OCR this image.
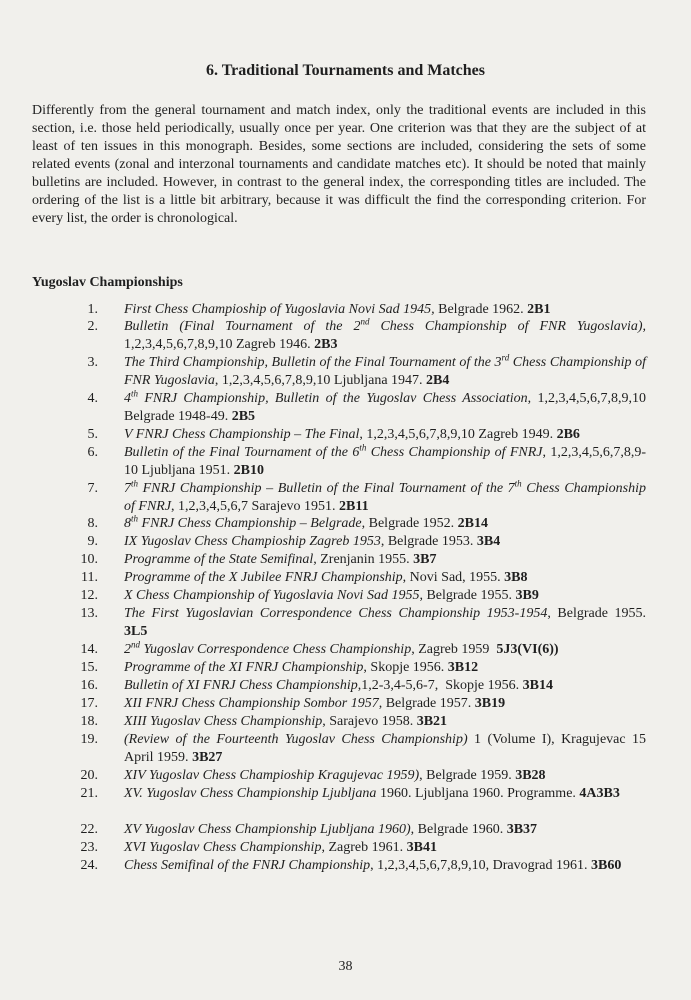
6. Traditional Tournaments and Matches

Differently from the general tournament and match index, only the traditional events are included in this section, i.e. those held periodically, usually once per year. One criterion was that they are the subject of at least of ten issues in this monograph. Besides, some sections are included, considering the sets of some related events (zonal and interzonal tournaments and candidate matches etc). It should be noted that mainly bulletins are included. However, in contrast to the general index, the corresponding titles are included. The ordering of the list is a little bit arbitrary, because it was difficult the find the corresponding criterion. For every list, the order is chronological.

Yugoslav Championships
1. First Chess Champioship of Yugoslavia Novi Sad 1945, Belgrade 1962. 2B1
2. Bulletin (Final Tournament of the 2nd Chess Championship of FNR Yugoslavia), 1,2,3,4,5,6,7,8,9,10 Zagreb 1946. 2B3
3. The Third Championship, Bulletin of the Final Tournament of the 3rd Chess Championship of FNR Yugoslavia, 1,2,3,4,5,6,7,8,9,10 Ljubljana 1947. 2B4
4. 4th FNRJ Championship, Bulletin of the Yugoslav Chess Association, 1,2,3,4,5,6,7,8,9,10 Belgrade 1948-49. 2B5
5. V FNRJ Chess Championship – The Final, 1,2,3,4,5,6,7,8,9,10 Zagreb 1949. 2B6
6. Bulletin of the Final Tournament of the 6th Chess Championship of FNRJ, 1,2,3,4,5,6,7,8,9-10 Ljubljana 1951. 2B10
7. 7th FNRJ Championship – Bulletin of the Final Tournament of the 7th Chess Championship of FNRJ, 1,2,3,4,5,6,7 Sarajevo 1951. 2B11
8. 8th FNRJ Chess Championship – Belgrade, Belgrade 1952. 2B14
9. IX Yugoslav Chess Champioship Zagreb 1953, Belgrade 1953. 3B4
10. Programme of the State Semifinal, Zrenjanin 1955. 3B7
11. Programme of the X Jubilee FNRJ Championship, Novi Sad, 1955. 3B8
12. X Chess Championship of Yugoslavia Novi Sad 1955, Belgrade 1955. 3B9
13. The First Yugoslavian Correspondence Chess Championship 1953-1954, Belgrade 1955. 3L5
14. 2nd Yugoslav Correspondence Chess Championship, Zagreb 1959  5J3(VI(6))
15. Programme of the XI FNRJ Championship, Skopje 1956. 3B12
16. Bulletin of XI FNRJ Chess Championship,1,2-3,4-5,6-7,  Skopje 1956. 3B14
17. XII FNRJ Chess Championship Sombor 1957, Belgrade 1957. 3B19
18. XIII Yugoslav Chess Championship, Sarajevo 1958. 3B21
19. (Review of the Fourteenth Yugoslav Chess Championship) 1 (Volume I), Kragujevac 15 April 1959. 3B27
20. XIV Yugoslav Chess Champioship Kragujevac 1959), Belgrade 1959. 3B28
21. XV. Yugoslav Chess Championship Ljubljana 1960. Ljubljana 1960. Programme. 4A3B3
22. XV Yugoslav Chess Championship Ljubljana 1960), Belgrade 1960. 3B37
23. XVI Yugoslav Chess Championship, Zagreb 1961. 3B41
24. Chess Semifinal of the FNRJ Championship, 1,2,3,4,5,6,7,8,9,10, Dravograd 1961. 3B60
38
